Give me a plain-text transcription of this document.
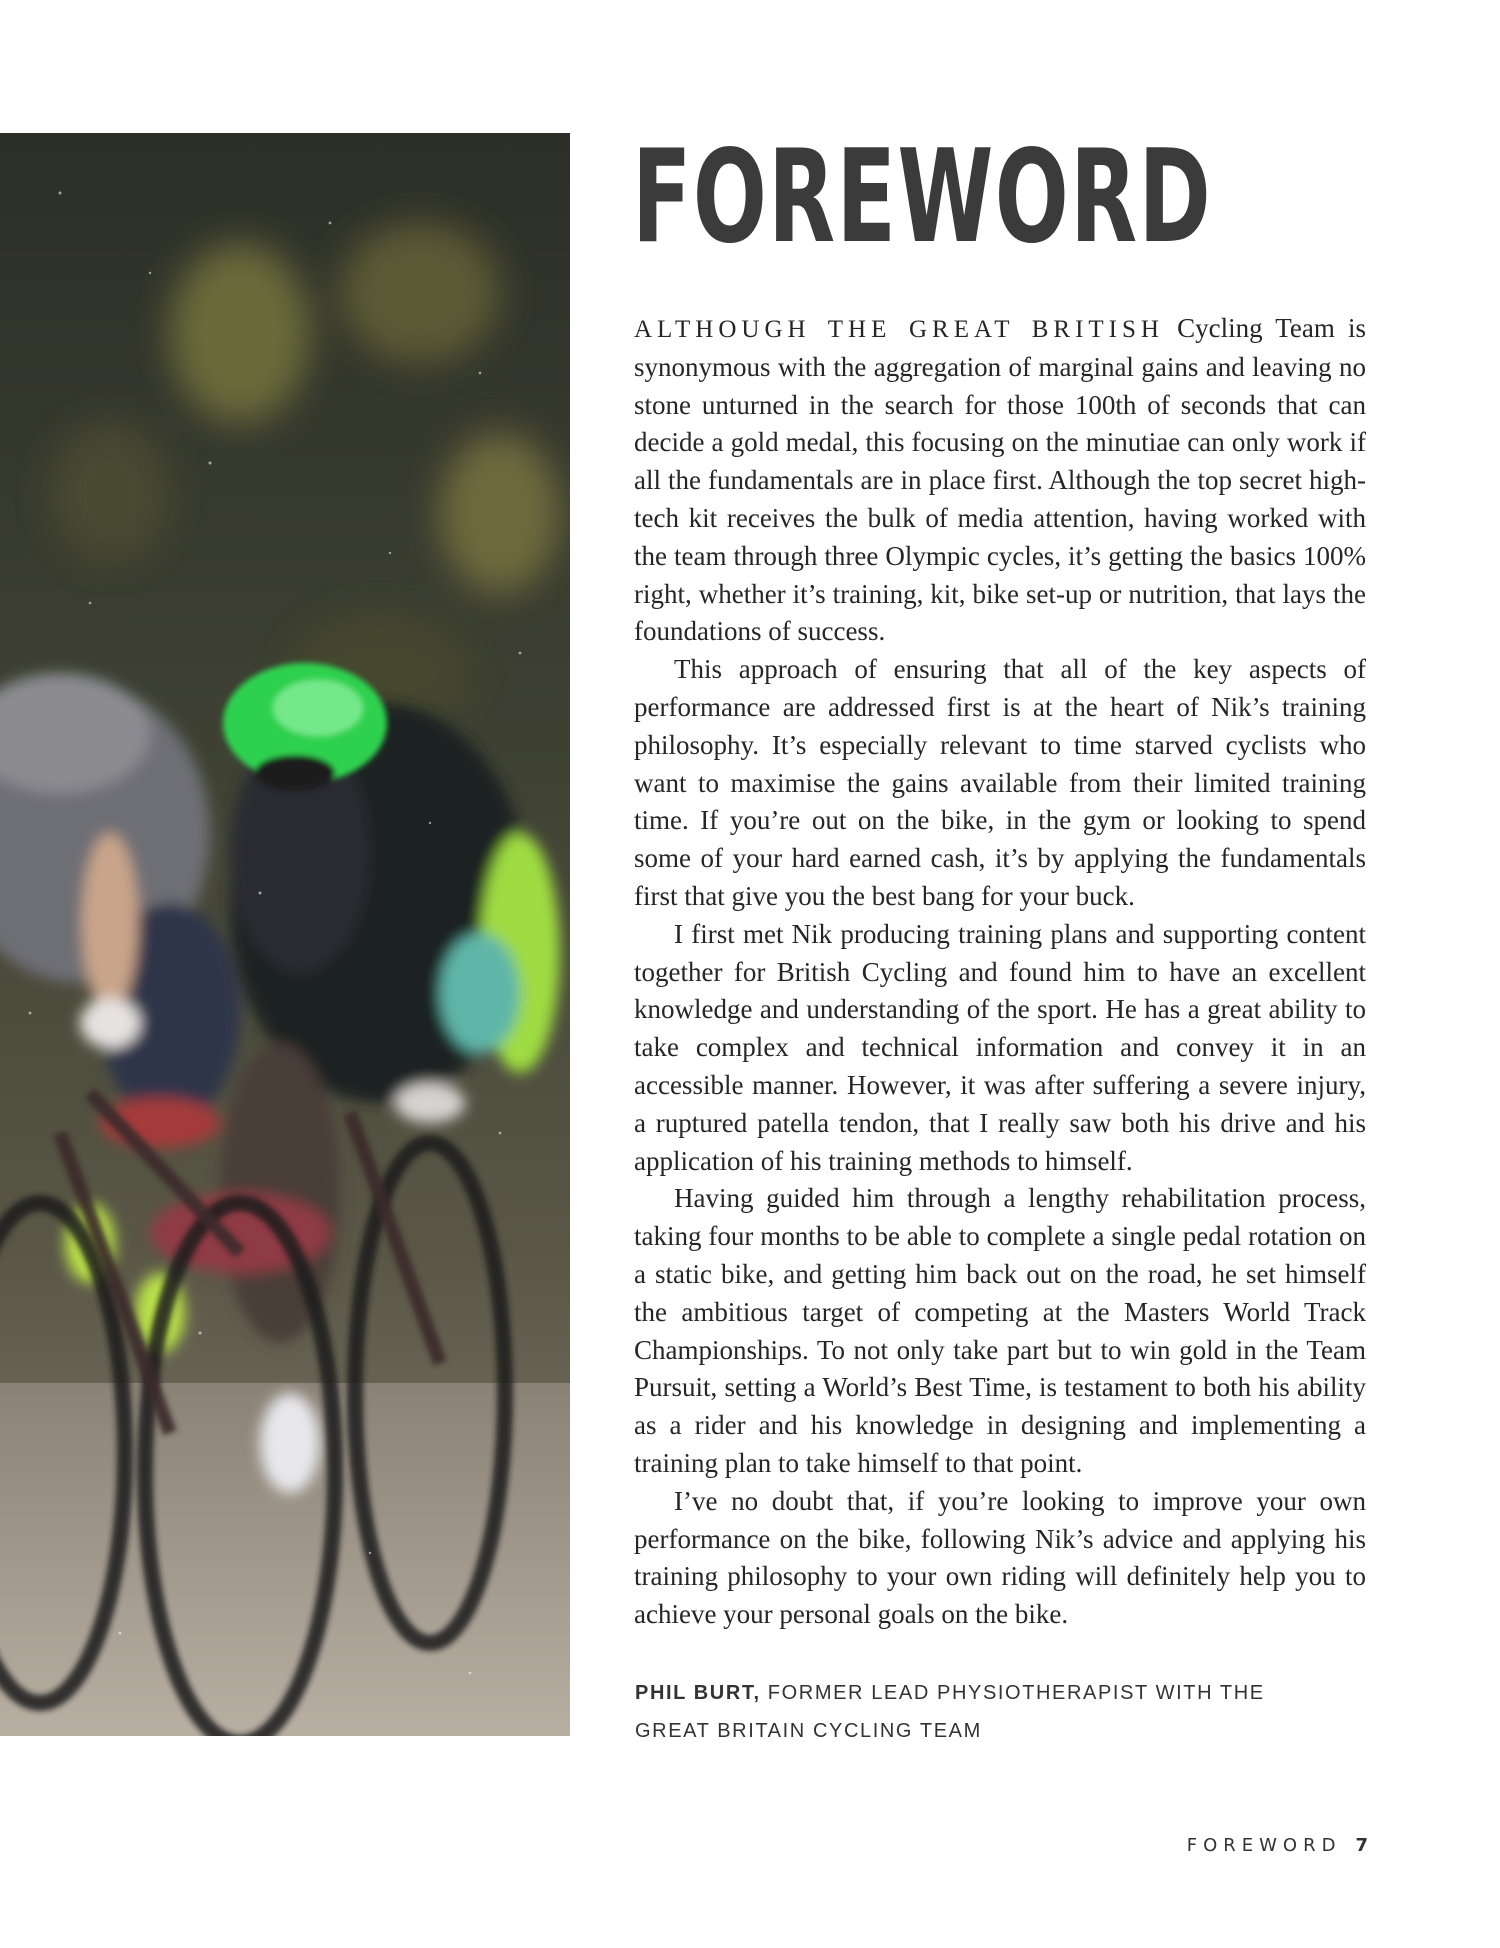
FOREWORD

ALTHOUGH THE GREAT BRITISH Cycling Team is synonymous with the aggregation of marginal gains and leaving no stone unturned in the search for those 100th of seconds that can decide a gold medal, this focusing on the minutiae can only work if all the fundamentals are in place first. Although the top secret high-tech kit receives the bulk of media attention, having worked with the team through three Olympic cycles, it’s getting the basics 100% right, whether it’s training, kit, bike set-up or nutrition, that lays the foundations of success.

This approach of ensuring that all of the key aspects of performance are addressed first is at the heart of Nik’s training philosophy. It’s especially relevant to time starved cyclists who want to maximise the gains available from their limited training time. If you’re out on the bike, in the gym or looking to spend some of your hard earned cash, it’s by applying the fundamentals first that give you the best bang for your buck.

I first met Nik producing training plans and supporting content together for British Cycling and found him to have an excellent knowledge and understanding of the sport. He has a great ability to take complex and technical information and convey it in an accessible manner. However, it was after suffering a severe injury, a ruptured patella tendon, that I really saw both his drive and his application of his training methods to himself.

Having guided him through a lengthy rehabilitation process, taking four months to be able to complete a single pedal rotation on a static bike, and getting him back out on the road, he set himself the ambitious target of competing at the Masters World Track Championships. To not only take part but to win gold in the Team Pursuit, setting a World’s Best Time, is testament to both his ability as a rider and his knowledge in designing and implementing a training plan to take himself to that point.

I’ve no doubt that, if you’re looking to improve your own performance on the bike, following Nik’s advice and applying his training philosophy to your own riding will definitely help you to achieve your personal goals on the bike.

PHIL BURT, FORMER LEAD PHYSIOTHERAPIST WITH THE
GREAT BRITAIN CYCLING TEAM
FOREWORD 7
